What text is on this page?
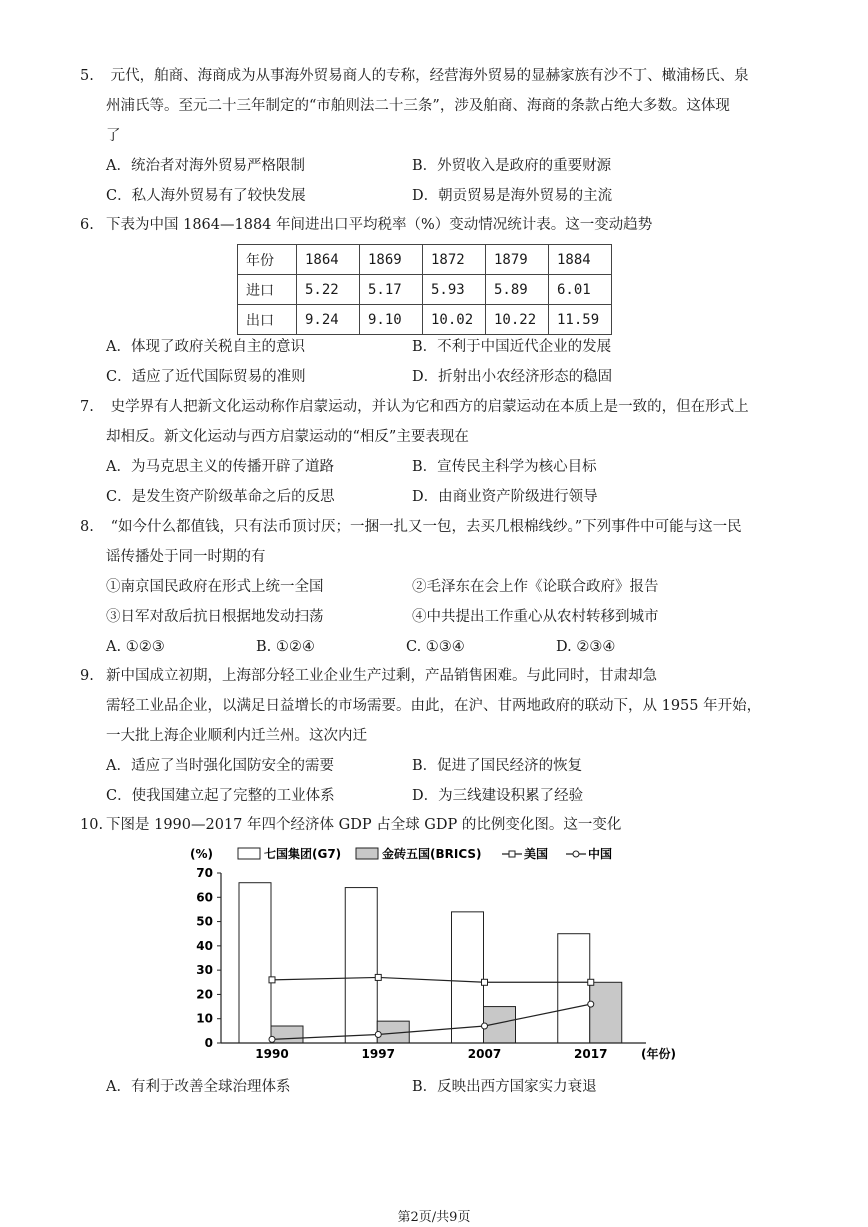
5. 元代，舶商、海商成为从事海外贸易商人的专称，经营海外贸易的显赫家族有沙不丁、橄浦杨氏、泉

州浦氏等。至元二十三年制定的“市舶则法二十三条”，涉及舶商、海商的条款占绝大多数。这体现

了

A．统治者对海外贸易严格限制	B．外贸收入是政府的重要财源
C．私人海外贸易有了较快发展	D．朝贡贸易是海外贸易的主流

6. 下表为中国 1864—1884 年间进出口平均税率（%）变动情况统计表。这一变动趋势

年份	1864	1869	1872	1879	1884
进口	5.22	5.17	5.93	5.89	6.01
出口	9.24	9.10	10.02	10.22	11.59
A．体现了政府关税自主的意识	B．不利于中国近代企业的发展
C．适应了近代国际贸易的准则	D．折射出小农经济形态的稳固

7. 史学界有人把新文化运动称作启蒙运动，并认为它和西方的启蒙运动在本质上是一致的，但在形式上

却相反。新文化运动与西方启蒙运动的“相反”主要表现在

A．为马克思主义的传播开辟了道路	B．宣传民主科学为核心目标
C．是发生资产阶级革命之后的反思	D．由商业资产阶级进行领导

8. “如今什么都值钱，只有法币顶讨厌；一捆一扎又一包，去买几根棉线纱。”下列事件中可能与这一民

谣传播处于同一时期的有

①南京国民政府在形式上统一全国	②毛泽东在会上作《论联合政府》报告
③日军对敌后抗日根据地发动扫荡	④中共提出工作重心从农村转移到城市
A. ①②③	B. ①②④	C. ①③④	D. ②③④

9. 新中国成立初期，上海部分轻工业企业生产过剩，产品销售困难。与此同时，甘肃却急

需轻工业品企业，以满足日益增长的市场需要。由此，在沪、甘两地政府的联动下，从 1955 年开始，

一大批上海企业顺利内迁兰州。这次内迁

A．适应了当时强化国防安全的需要	B．促进了国民经济的恢复
C．使我国建立起了完整的工业体系	D．为三线建设积累了经验

10. 下图是 1990—2017 年四个经济体 GDP 占全球 GDP 的比例变化图。这一变化

(%)	七国集团(G7)	金砖五国(BRICS)	美国	中国
0
10
20
30
40
50
60
70
1990	1997	2007	2017	(年份)
A．有利于改善全球治理体系	B．反映出西方国家实力衰退
第2页/共9页
